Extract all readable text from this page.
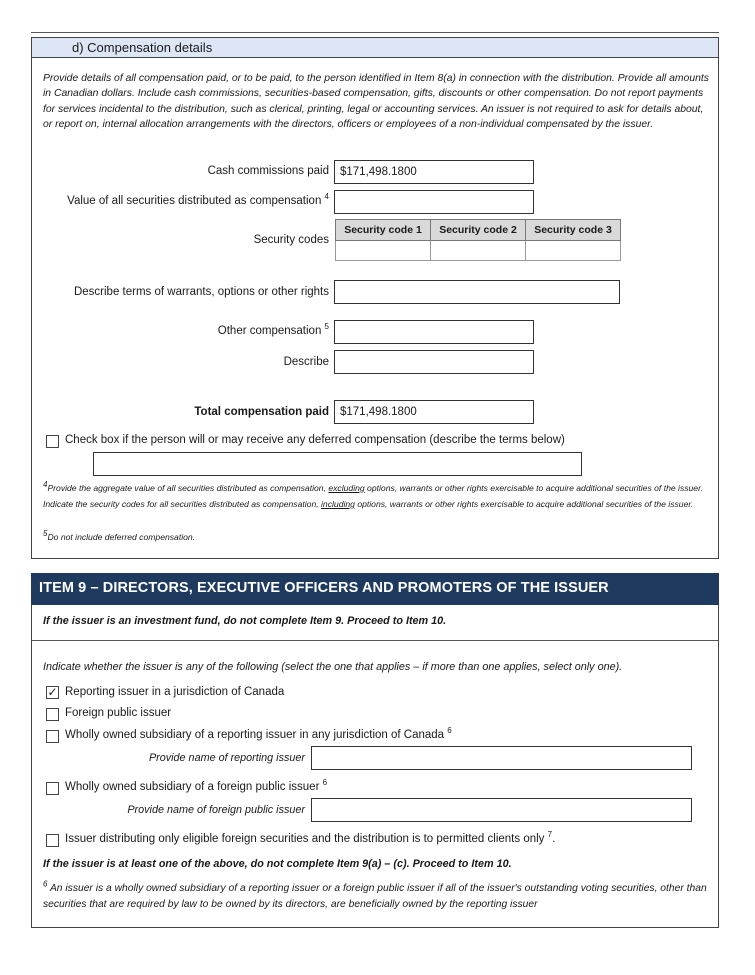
d) Compensation details
Provide details of all compensation paid, or to be paid, to the person identified in Item 8(a) in connection with the distribution. Provide all amounts in Canadian dollars. Include cash commissions, securities-based compensation, gifts, discounts or other compensation. Do not report payments for services incidental to the distribution, such as clerical, printing, legal or accounting services. An issuer is not required to ask for details about, or report on, internal allocation arrangements with the directors, officers or employees of a non-individual compensated by the issuer.
Cash commissions paid $171,498.1800
Value of all securities distributed as compensation $^4$
Security codes
Security code 1	Security code 2	Security code 3

Describe terms of warrants, options or other rights
Other compensation $^5$
Describe
Total compensation paid $171,498.1800
Check box if the person will or may receive any deferred compensation (describe the terms below)
$^4$Provide the aggregate value of all securities distributed as compensation, excluding options, warrants or other rights exercisable to acquire additional securities of the issuer. Indicate the security codes for all securities distributed as compensation, including options, warrants or other rights exercisable to acquire additional securities of the issuer.
$^5$Do not include deferred compensation.
ITEM 9 – DIRECTORS, EXECUTIVE OFFICERS AND PROMOTERS OF THE ISSUER
If the issuer is an investment fund, do not complete Item 9. Proceed to Item 10.
Indicate whether the issuer is any of the following (select the one that applies – if more than one applies, select only one).
✓ Reporting issuer in a jurisdiction of Canada
Foreign public issuer
Wholly owned subsidiary of a reporting issuer in any jurisdiction of Canada $^6$
Provide name of reporting issuer
Wholly owned subsidiary of a foreign public issuer $^6$
Provide name of foreign public issuer
Issuer distributing only eligible foreign securities and the distribution is to permitted clients only $^7$.
If the issuer is at least one of the above, do not complete Item 9(a) – (c). Proceed to Item 10.
$^6$ An issuer is a wholly owned subsidiary of a reporting issuer or a foreign public issuer if all of the issuer's outstanding voting securities, other than securities that are required by law to be owned by its directors, are beneficially owned by the reporting issuer
